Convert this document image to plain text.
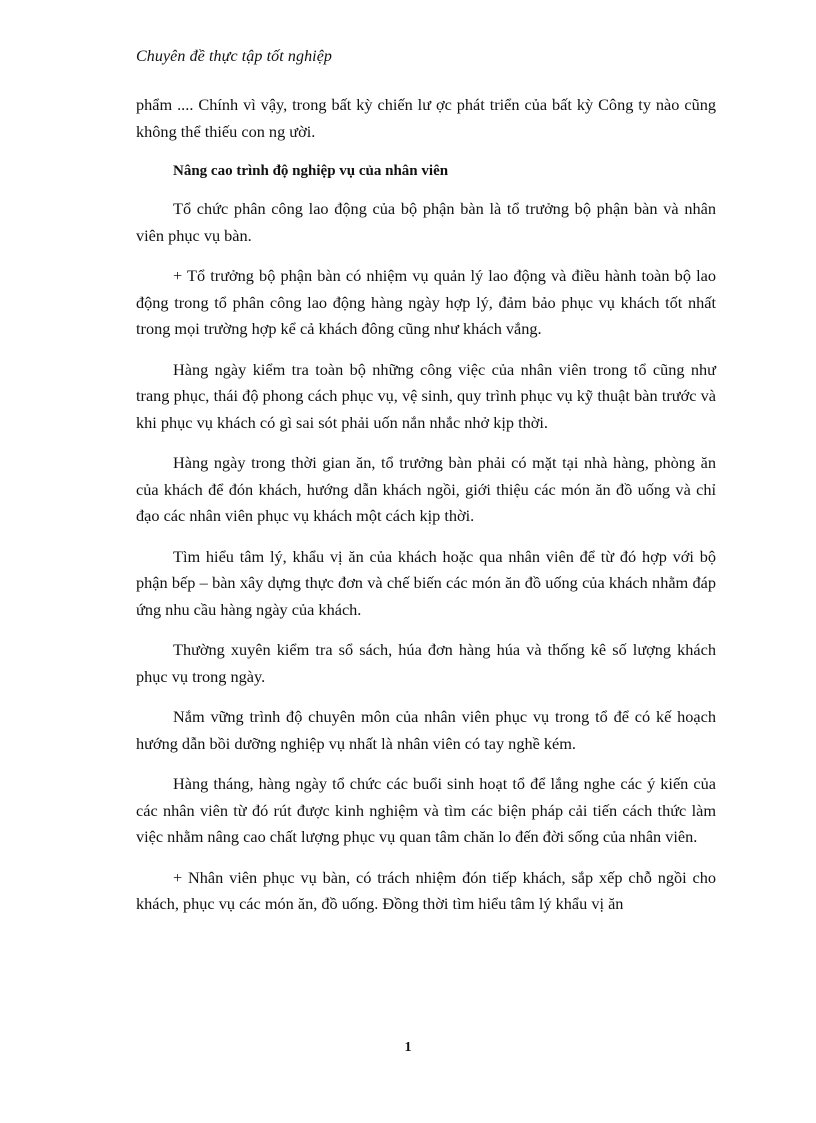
Chuyên đề thực tập tốt nghiệp

phẩm .... Chính vì vậy, trong bất kỳ chiến lư ợc phát triển của bất kỳ Công ty nào cũng không thể thiếu con ng ười.

Nâng cao trình độ nghiệp vụ của nhân viên

Tổ chức phân công lao động của bộ phận bàn là tổ trưởng bộ phận bàn và nhân viên phục vụ bàn.

+ Tổ trưởng bộ phận bàn có nhiệm vụ quản lý lao động và điều hành toàn bộ lao động trong tổ phân công lao động hàng ngày hợp lý, đảm bảo phục vụ khách tốt nhất trong mọi trường hợp kể cả khách đông cũng như khách vắng.

Hàng ngày kiểm tra toàn bộ những công việc của nhân viên trong tổ cũng như trang phục, thái độ phong cách phục vụ, vệ sinh, quy trình phục vụ kỹ thuật bàn trước và khi phục vụ khách có gì sai sót phải uốn nắn nhắc nhở kịp thời.

Hàng ngày trong thời gian ăn, tổ trưởng bàn phải có mặt tại nhà hàng, phòng ăn của khách để đón khách, hướng dẫn khách ngồi, giới thiệu các món ăn đồ uống và chỉ đạo các nhân viên phục vụ khách một cách kịp thời.

Tìm hiểu tâm lý, khẩu vị ăn của khách hoặc qua nhân viên để từ đó hợp với bộ phận bếp – bàn xây dựng thực đơn và chế biến các món ăn đồ uống của khách nhằm đáp ứng nhu cầu hàng ngày của khách.

Thường xuyên kiểm tra sổ sách, húa đơn hàng húa và thống kê số lượng khách phục vụ trong ngày.

Nắm vững trình độ chuyên môn của nhân viên phục vụ trong tổ để có kế hoạch hướng dẫn bồi dưỡng nghiệp vụ nhất là nhân viên có tay nghề kém.

Hàng tháng, hàng ngày tổ chức các buổi sinh hoạt tổ để lắng nghe các ý kiến của các nhân viên từ đó rút được kinh nghiệm và tìm các biện pháp cải tiến cách thức làm việc nhằm nâng cao chất lượng phục vụ quan tâm chăn lo đến đời sống của nhân viên.

+ Nhân viên phục vụ bàn, có trách nhiệm đón tiếp khách, sắp xếp chỗ ngồi cho khách, phục vụ các món ăn, đồ uống. Đồng thời tìm hiểu tâm lý khẩu vị ăn

1
